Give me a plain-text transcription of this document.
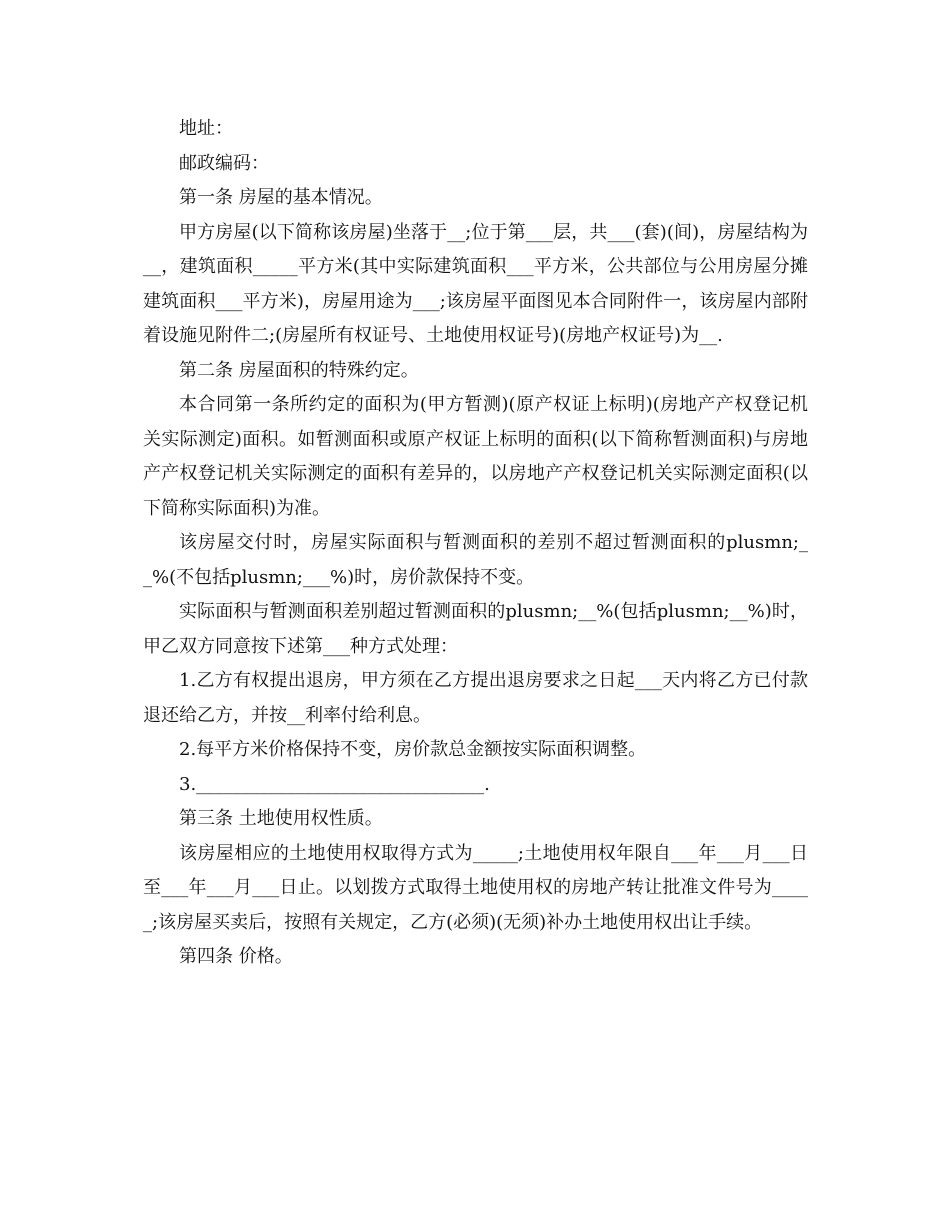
地址：

邮政编码：

第一条 房屋的基本情况。

甲方房屋(以下简称该房屋)坐落于__;位于第___层，共___(套)(间)，房屋结构为__，建筑面积_____平方米(其中实际建筑面积___平方米，公共部位与公用房屋分摊建筑面积___平方米)，房屋用途为___;该房屋平面图见本合同附件一，该房屋内部附着设施见附件二;(房屋所有权证号、土地使用权证号)(房地产权证号)为__.

第二条 房屋面积的特殊约定。

本合同第一条所约定的面积为(甲方暂测)(原产权证上标明)(房地产产权登记机关实际测定)面积。如暂测面积或原产权证上标明的面积(以下简称暂测面积)与房地产产权登记机关实际测定的面积有差异的，以房地产产权登记机关实际测定面积(以下简称实际面积)为准。

该房屋交付时，房屋实际面积与暂测面积的差别不超过暂测面积的plusmn;__%(不包括plusmn;___%)时，房价款保持不变。

实际面积与暂测面积差别超过暂测面积的plusmn;__%(包括plusmn;__%)时，甲乙双方同意按下述第___种方式处理：

1.乙方有权提出退房，甲方须在乙方提出退房要求之日起___天内将乙方已付款退还给乙方，并按__利率付给利息。

2.每平方米价格保持不变，房价款总金额按实际面积调整。

3.________________________________.

第三条 土地使用权性质。

该房屋相应的土地使用权取得方式为_____;土地使用权年限自___年___月___日至___年___月___日止。以划拨方式取得土地使用权的房地产转让批准文件号为_____;该房屋买卖后，按照有关规定，乙方(必须)(无须)补办土地使用权出让手续。

第四条 价格。
